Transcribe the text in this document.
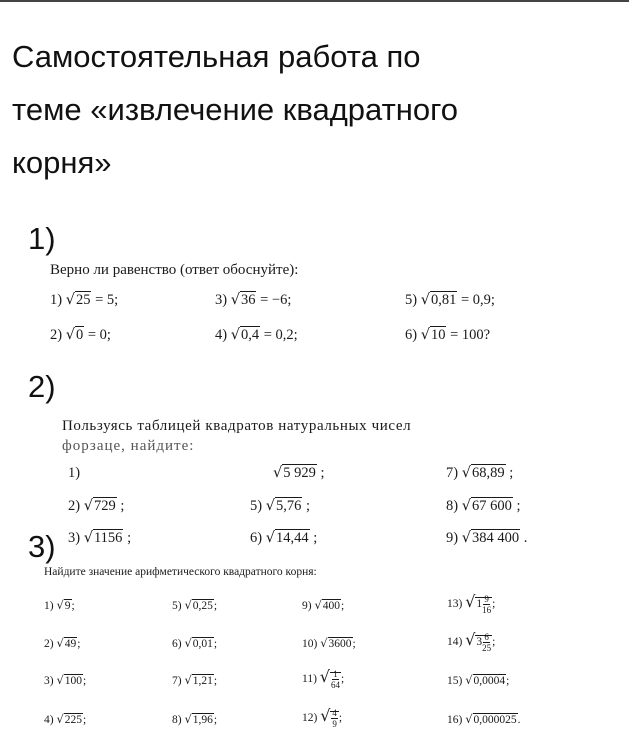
Самостоятельная работа по
теме «извлечение квадратного
корня»
1)
Верно ли равенство (ответ обоснуйте):
1) √25 = 5;	3) √36 = −6;	5) √0,81 = 0,9;
2) √0 = 0;	4) √0,4 = 0,2;	6) √10 = 100?
2)
Пользуясь таблицей квадратов натуральных чисел
форзаце, найдите:
1)	√5 929 ;	7) √68,89 ;
2) √729 ;	5) √5,76 ;	8) √67 600 ;
3) 3) √1156 ;	6) √14,44 ;	9) √384 400 .
Найдите значение арифметического квадратного корня:
1) √9;	5) √0,25;	9) √400;	13) $√1 \frac{9}{16}$ ;
2) √49;	6) √0,01;	10) √3600;	14) $√3 \frac{6}{25}$ ;
3) √100;	7) √1,21;	11) √ $\frac{1}{64}$ ;	15) √0,0004;
4) √225;	8) √1,96;	12) √ $\frac{4}{9}$ ;	16) √0,000025.
